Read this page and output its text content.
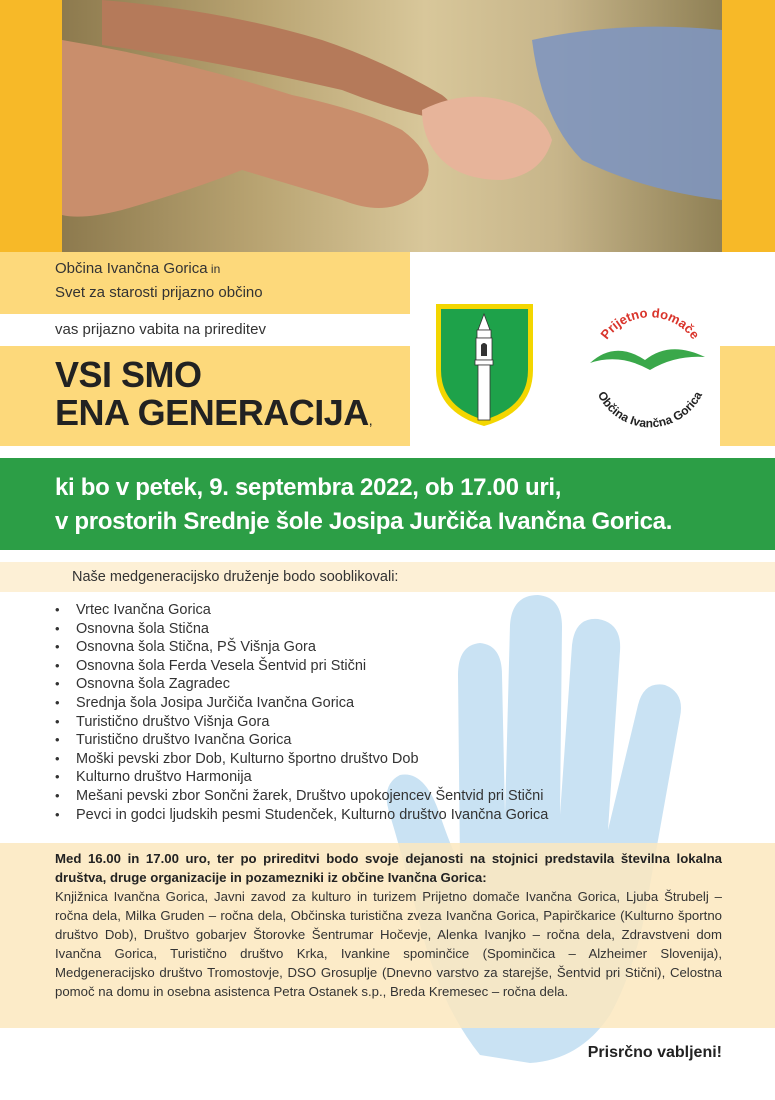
Občina Ivančna Gorica in
Svet za starosti prijazno občino
vas prijazno vabita na prireditev
VSI SMO
ENA GENERACIJA,
Prijetno domače
Občina Ivančna Gorica
ki bo v petek, 9. septembra 2022, ob 17.00 uri,
v prostorih Srednje šole Josipa Jurčiča Ivančna Gorica.
Naše medgeneracijsko druženje bodo sooblikovali:
• Vrtec Ivančna Gorica
• Osnovna šola Stična
• Osnovna šola Stična, PŠ Višnja Gora
• Osnovna šola Ferda Vesela Šentvid pri Stični
• Osnovna šola Zagradec
• Srednja šola Josipa Jurčiča Ivančna Gorica
• Turistično društvo Višnja Gora
• Turistično društvo Ivančna Gorica
• Moški pevski zbor Dob, Kulturno športno društvo Dob
• Kulturno društvo Harmonija
• Mešani pevski zbor Sončni žarek, Društvo upokojencev Šentvid pri Stični
• Pevci in godci ljudskih pesmi Studenček, Kulturno društvo Ivančna Gorica
Med 16.00 in 17.00 uro, ter po prireditvi bodo svoje dejanosti na stojnici predstavila številna lokalna društva, druge organizacije in pozamezniki iz občine Ivančna Gorica:
Knjižnica Ivančna Gorica, Javni zavod za kulturo in turizem Prijetno domače Ivančna Gorica, Ljuba Štrubelj – ročna dela, Milka Gruden – ročna dela, Občinska turistična zveza Ivančna Gorica, Papirčkarice (Kulturno športno društvo Dob), Društvo gobarjev Štorovke Šentrumar Hočevje, Alenka Ivanjko – ročna dela, Zdravstveni dom Ivančna Gorica, Turistično društvo Krka, Ivankine spominčice (Spominčica – Alzheimer Slovenija), Medgeneracijsko društvo Tromostovje, DSO Grosuplje (Dnevno varstvo za starejše, Šentvid pri Stični), Celostna pomoč na domu in osebna asistenca Petra Ostanek s.p., Breda Kremesec – ročna dela.
Prisrčno vabljeni!
